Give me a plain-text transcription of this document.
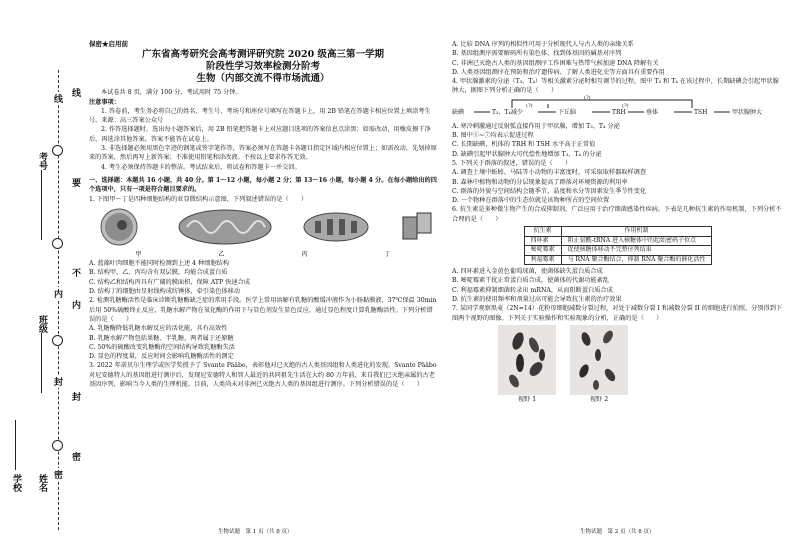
考号
班级
姓名
学校
线
内
封
密
线
要
不
内
封
密
保密★启用前
广东省高考研究会高考测评研究院 2020 级高三第一学期
阶段性学习效率检测分阶考
生物（内部交流不得市场流通）
本试卷共 8 页，满分 100 分，考试用时 75 分钟。
注意事项：
1. 答卷前，考生务必将自己的姓名、考生号、考场号和座位号填写在答题卡上，用 2B 铅笔在答题卡相应位置上填涂考生号。来源：高三答案公众号
2. 作答选择题时，选出每小题答案后，用 2B 铅笔把答题卡上对应题目选项的答案信息点涂黑；如需改动，用橡皮擦干净后，再选涂其他答案。答案不能答在试卷上。
3. 非选择题必须用黑色字迹的钢笔或签字笔作答，答案必须写在答题卡各题目指定区域内相应位置上；如需改动，先划掉原来的答案，然后再写上新答案；不准使用铅笔和涂改液。不按以上要求作答无效。
4. 考生必须保持答题卡的整洁。考试结束后，将试卷和答题卡一并交回。
一、选择题：本题共 16 小题，共 40 分。第 1～12 小题，每小题 2 分；第 13～16 小题，每小题 4 分。在每小题给出的四个选项中，只有一项是符合题目要求的。
1. 下图甲～丁是四种细胞结构的亚显微结构示意图，下列叙述错误的是（　　）
甲	乙	丙	丁
A. 蓝藻叶肉细胞不能同时检测到上述 4 种细胞结构
B. 结构甲、乙、丙均含有双层膜，均能合成蛋白质
C. 结构乙和结构丙具有广阔的膜面积，保障 ATP 快速合成
D. 结构丁的细胞由星射线构成纺锤体，牵引染色体移动
2. 检测乳糖酶活性是临床诊断乳糖酶缺乏症的常用手段。医学上常用溶解有乳糖的酸缓冲液作为小肠黏膜液，37℃保温 30min 后用 50%硫酸终止反应，乳糖水解产物在氧化酶的作用下与显色剂发生显色反应，通过显色程度计算乳糖酶活性。下列分析错误的是（　　）
A. 乳糖酶降低乳糖水解反应的活化能，具有高效性
B. 乳糖水解产物包括果糖、半乳糖，两者属于还原糖
C. 50%的硫酸改变乳糖酶的空间结构导致乳糖酶失活
D. 显色的程度量，反应时间会影响乳糖酶活性的测定
3. 2022 年诺贝尔生理学或医学奖授予了 Svante Pääbo，表彰他对已灭绝的古人类基因组和人类进化的发现。Svante Pääbo 对尼安德特人的基因组进行测序后，发现尼安德特人和智人最近的共同祖先生活在大约 80 万年前，来自我们已灭绝亲属的古老基因序列，影响当今人类的生理机能。目前，人类尚未对非洲已灭绝古人类的基因组进行测序。下列分析错误的是（　　）
A. 比较 DNA 序列的相似性可用于分析现代人与古人类的亲缘关系
B. 基因组测序需要解码所有染色体，找到体基因的碱基对序列
C. 非洲已灭绝古人类的基因组测序工作困难与热带气候加速 DNA 降解有关
D. 人类基因组测序在预防和治疗遗传病、了解人类进化史等方面具有重要作用
4. 甲状腺激素的分泌（T₃、T₄）等相关激素分泌时相互调节的过程，图中 T₃ 和 T₄ 在该过程中，长期缺碘会引起甲状腺肿大，据图下列分析正确的是（　　）
缺碘	T₃、T₄减少	下丘脑	TRH	垂体	TSH	甲状腺肿大
(?)
(?)	(?)
A. 寒冷刺激通过反射弧直接作用于甲状腺，增加 T₃、T₄ 分泌
B. 图中①~⑦均表示促进过程
C. 长期缺碘，机体的 TRH 和 TSH 水平高于正常值
D. 缺碘引起甲状腺肿大可代偿性地增加 T₃、T₄ 的分泌
5. 下列关于群落的叙述，错误的是（　　）
A. 调查土壤中蚯蚓、马陆等小动物的丰富度时，可采取取样器取样调查
B. 森林中植物和动物的分层现象提高了群落对环境资源的利用率
C. 群落的外貌与空间结构会随季节，晶度和水分等因素发生季节性变化
D. 一个物种在群落中的生态位就是该物种所占的空间位置
6. 抗生素是多种微生物产生的合成抑制剂，广泛应用于治疗细菌感染性疾病。下表是几种抗生素的作用机制，下列分析不合理的是（　　）
抗生素	作用机制
四环素	阻止氨酰-tRNA 进入核糖体中的起始密码子位点
嘧啶霉素	促使核糖体移动不完整序列结束
利福霉素	与 RNA 聚合酶结合，抑制 RNA 聚合酶的催化活性
A. 四环素进入金黄色葡萄球菌，使菌体缺失蛋白质合成
B. 嘧啶霉素干扰正常蛋白质合成，使菌体的代谢功能紊乱
C. 利福霉素抑制细菌转录出 mRNA，从而阻断蛋白质合成
D. 抗生素的使用频率和剂量过高可能会导致抗生素的治疗效果
7. 某同学观察黑麦（2N=14）花粉母细胞减数分裂过程，对处于减数分裂 I 和减数分裂 II 的细胞进行拍照，分别得到下图两个视野的图像。下列关于实验操作和实验现象的分析，正确的是（　　）
视野 1	视野 2
生物试题　第 1 页（共 8 页）	生物试题　第 2 页（共 8 页）
